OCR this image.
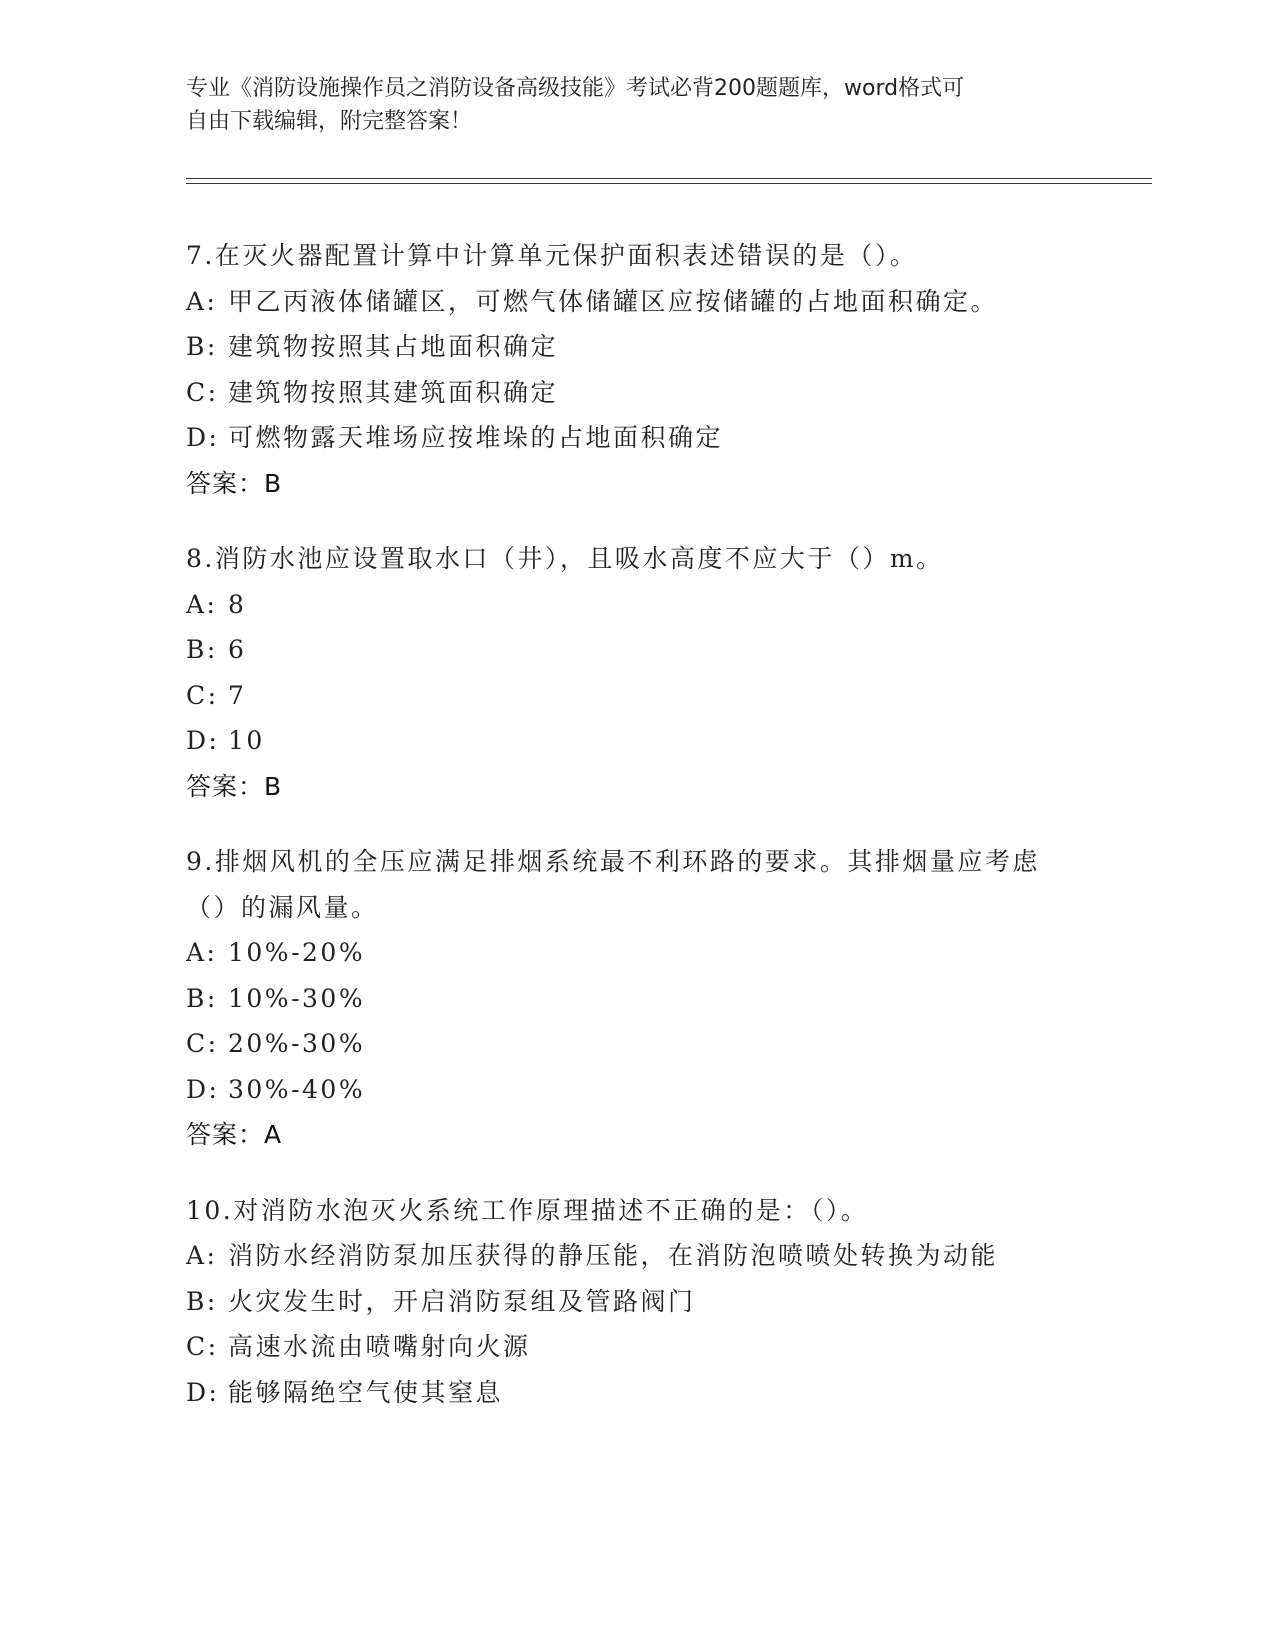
专业《消防设施操作员之消防设备高级技能》考试必背200题题库，word格式可
自由下载编辑，附完整答案！
7.在灭火器配置计算中计算单元保护面积表述错误的是（）。
A: 甲乙丙液体储罐区，可燃气体储罐区应按储罐的占地面积确定。
B: 建筑物按照其占地面积确定
C: 建筑物按照其建筑面积确定
D: 可燃物露天堆场应按堆垛的占地面积确定
答案：B
8.消防水池应设置取水口（井），且吸水高度不应大于（）m。
A: 8
B: 6
C: 7
D: 10
答案：B
9.排烟风机的全压应满足排烟系统最不利环路的要求。其排烟量应考虑（）的漏风量。
A: 10%-20%
B: 10%-30%
C: 20%-30%
D: 30%-40%
答案：A
10.对消防水泡灭火系统工作原理描述不正确的是：（）。
A: 消防水经消防泵加压获得的静压能，在消防泡喷喷处转换为动能
B: 火灾发生时，开启消防泵组及管路阀门
C: 高速水流由喷嘴射向火源
D: 能够隔绝空气使其窒息
